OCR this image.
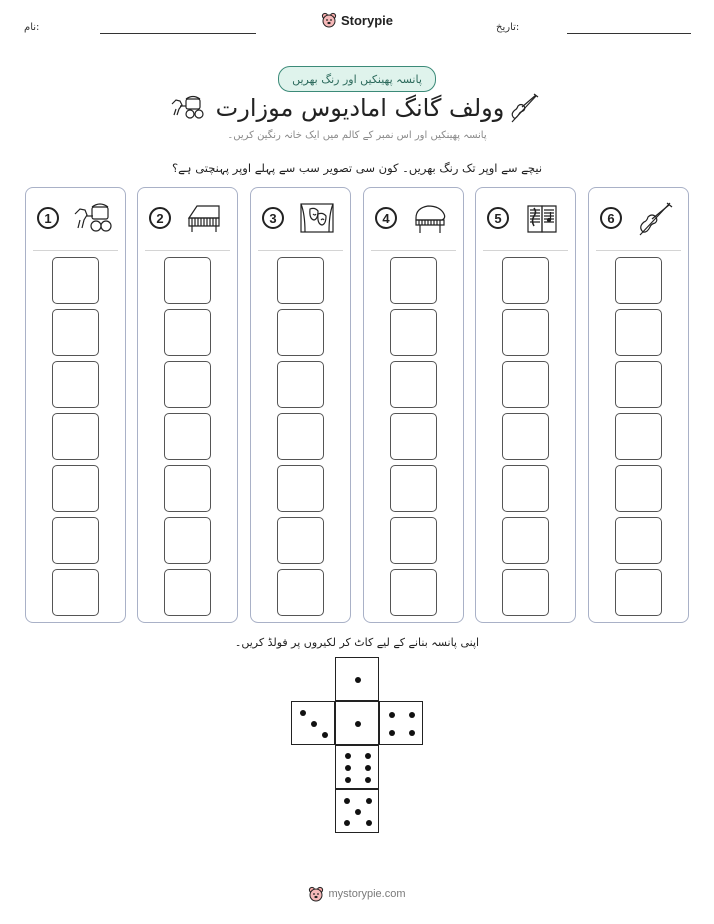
نام:	Storypie	تاریخ:
پانسہ پھینکیں اور رنگ بھریں
وولف گانگ امادیوس موزارت
پانسہ پھینکیں اور اس نمبر کے کالم میں ایک خانہ رنگین کریں۔
نیچے سے اوپر تک رنگ بھریں۔ کون سی تصویر سب سے پہلے اوپر پہنچتی ہے؟
6
5
4
3
2
1
اپنی پانسہ بنانے کے لیے کاٹ کر لکیروں پر فولڈ کریں۔
mystorypie.com
